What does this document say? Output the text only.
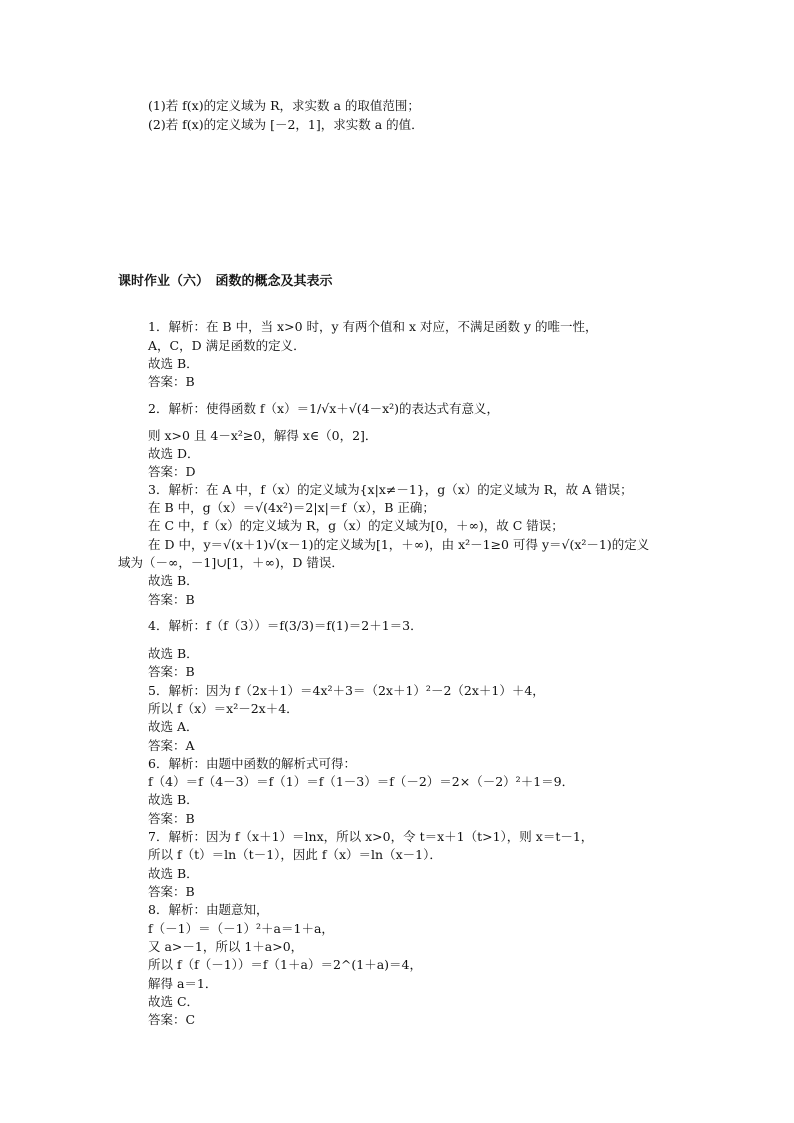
(1)若 f(x)的定义域为 R，求实数 a 的取值范围；
(2)若 f(x)的定义域为 [－2，1]，求实数 a 的值．
课时作业（六）　函数的概念及其表示
1．解析：在 B 中，当 x>0 时，y 有两个值和 x 对应，不满足函数 y 的唯一性，
A，C，D 满足函数的定义．
故选 B．
答案：B
2．解析：使得函数 f（x）＝1/√x＋√(4－x²)的表达式有意义，
则 x>0 且 4－x²≥0，解得 x∈（0，2]．
故选 D．
答案：D
3．解析：在 A 中，f（x）的定义域为{x|x≠－1}，g（x）的定义域为 R，故 A 错误；
在 B 中，g（x）＝√(4x²)＝2|x|＝f（x），B 正确；
在 C 中，f（x）的定义域为 R，g（x）的定义域为[0，＋∞)，故 C 错误；
在 D 中，y＝√(x＋1)√(x－1)的定义域为[1，＋∞)，由 x²－1≥0 可得 y＝√(x²－1)的定义
域为（－∞，－1]∪[1，＋∞)，D 错误．
故选 B．
答案：B
4．解析：f（f（3））＝f(3/3)＝f(1)＝2＋1＝3．
故选 B．
答案：B
5．解析：因为 f（2x＋1）＝4x²＋3＝（2x＋1）²－2（2x＋1）＋4，
所以 f（x）＝x²－2x＋4．
故选 A．
答案：A
6．解析：由题中函数的解析式可得：
f（4）＝f（4－3）＝f（1）＝f（1－3）＝f（－2）＝2×（－2）²＋1＝9．
故选 B．
答案：B
7．解析：因为 f（x＋1）＝lnx，所以 x>0，令 t＝x＋1（t>1），则 x＝t－1，
所以 f（t）＝ln（t－1），因此 f（x）＝ln（x－1）．
故选 B．
答案：B
8．解析：由题意知，
f（－1）＝（－1）²＋a＝1＋a，
又 a>－1，所以 1＋a>0，
所以 f（f（－1））＝f（1＋a）＝2^(1＋a)＝4，
解得 a＝1．
故选 C．
答案：C
